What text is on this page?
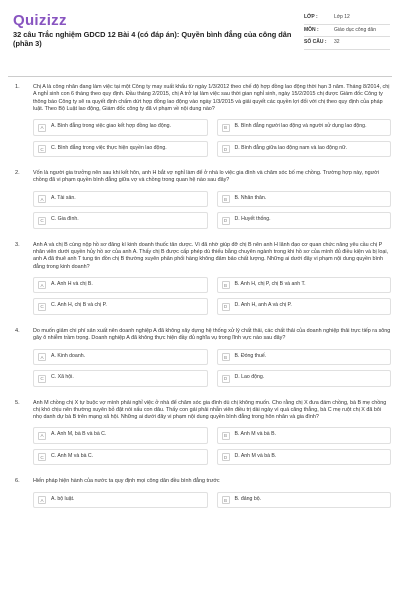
Quizizz
32 câu Trắc nghiệm GDCD 12 Bài 4 (có đáp án): Quyền bình đẳng của công dân (phần 3)
LỚP :	Lớp 12
MÔN :	Giáo dục công dân
SỐ CÂU :	32
1. Chị A là công nhân đang làm việc tại một Công ty may xuất khẩu từ ngày 1/3/2012 theo chế độ hợp đồng lao động thời hạn 3 năm. Tháng 8/2014, chị A nghỉ sinh con 6 tháng theo quy định. Đầu tháng 2/2015, chị A trở lại làm việc sau thời gian nghỉ sinh, ngày 15/2/2015 chị được Giám đốc Công ty thông báo Công ty sẽ ra quyết định chấm dứt hợp đồng lao động vào ngày 1/3/2015 và giải quyết các quyền lợi đối với chị theo quy định của pháp luật. Theo Bộ Luật lao động, Giám đốc công ty đã vi phạm về nội dung nào?
A	A. Bình đẳng trong việc giao kết hợp đồng lao động.	B	B. Bình đẳng người lao động và người sử dụng lao động.
C	C. Bình đẳng trong việc thực hiện quyền lao động.	D	D. Bình đẳng giữa lao động nam và lao động nữ.
2. Vốn là người gia trưởng nên sau khi kết hôn, anh H bắt vợ nghỉ làm để ở nhà lo việc gia đình và chăm sóc bố mẹ chồng. Trường hợp này, người chồng đã vi phạm quyền bình đẳng giữa vợ và chồng trong quan hệ nào sau đây?
A	A. Tài sản.	B	B. Nhân thân.
C	C. Gia đình.	D	D. Huyết thống.
3. Anh A và chị B cùng nộp hồ sơ đăng kí kinh doanh thuốc tân dược. Vì đã nhờ giúp đỡ chị B nên anh H lãnh đạo cơ quan chức năng yêu cầu chị P nhân viên dưới quyền hủy hồ sơ của anh A. Thấy chị B được cấp phép dù thiếu bằng chuyên ngành trong khi hồ sơ của mình đủ điều kiện và bị loại, anh A đã thuê anh T tung tin đồn chị B thường xuyên phân phối hàng không đảm bảo chất lượng. Những ai dưới đây vi phạm nội dung quyền bình đẳng trong kinh doanh?
A	A. Anh H và chị B.	B	B. Anh H, chị P, chị B và anh T.
C	C. Anh H, chị B và chị P.	D	D. Anh H, anh A và chị P.
4. Do muốn giảm chi phí sản xuất nên doanh nghiệp A đã không xây dựng hệ thống xử lý chất thải, các chất thải của doanh nghiệp thải trực tiếp ra sông gây ô nhiễm trầm trọng. Doanh nghiệp A đã không thực hiện đầy đủ nghĩa vụ trong lĩnh vực nào sau đây?
A	A. Kinh doanh.	B	B. Đóng thuế.
C	C. Xã hội.	D	D. Lao động.
5. Anh M chồng chị X tự buộc vợ mình phải nghỉ việc ở nhà để chăm sóc gia đình dù chị không muốn. Cho rằng chị X đưa đám chồng, bà B mẹ chồng chị khó chịu nên thường xuyên bỏ đặt nói xấu con dâu. Thấy con gái phải nhẫn viên điều trị dài ngày vì quá căng thẳng, bà C mẹ ruột chị X đã bôi nhọ danh dự bà B trên mạng xã hội. Những ai dưới đây vi phạm nội dung quyền bình đẳng trong hôn nhân và gia đình?
A	A. Anh M, bà B và bà C.	B	B. Anh M và bà B.
C	C. Anh M và bà C.	D	D. Anh M và bà B.
6. Hiến pháp hiện hành của nước ta quy định mọi công dân đều bình đẳng trước
A	A. bộ luật.	B	B. đảng bộ.
